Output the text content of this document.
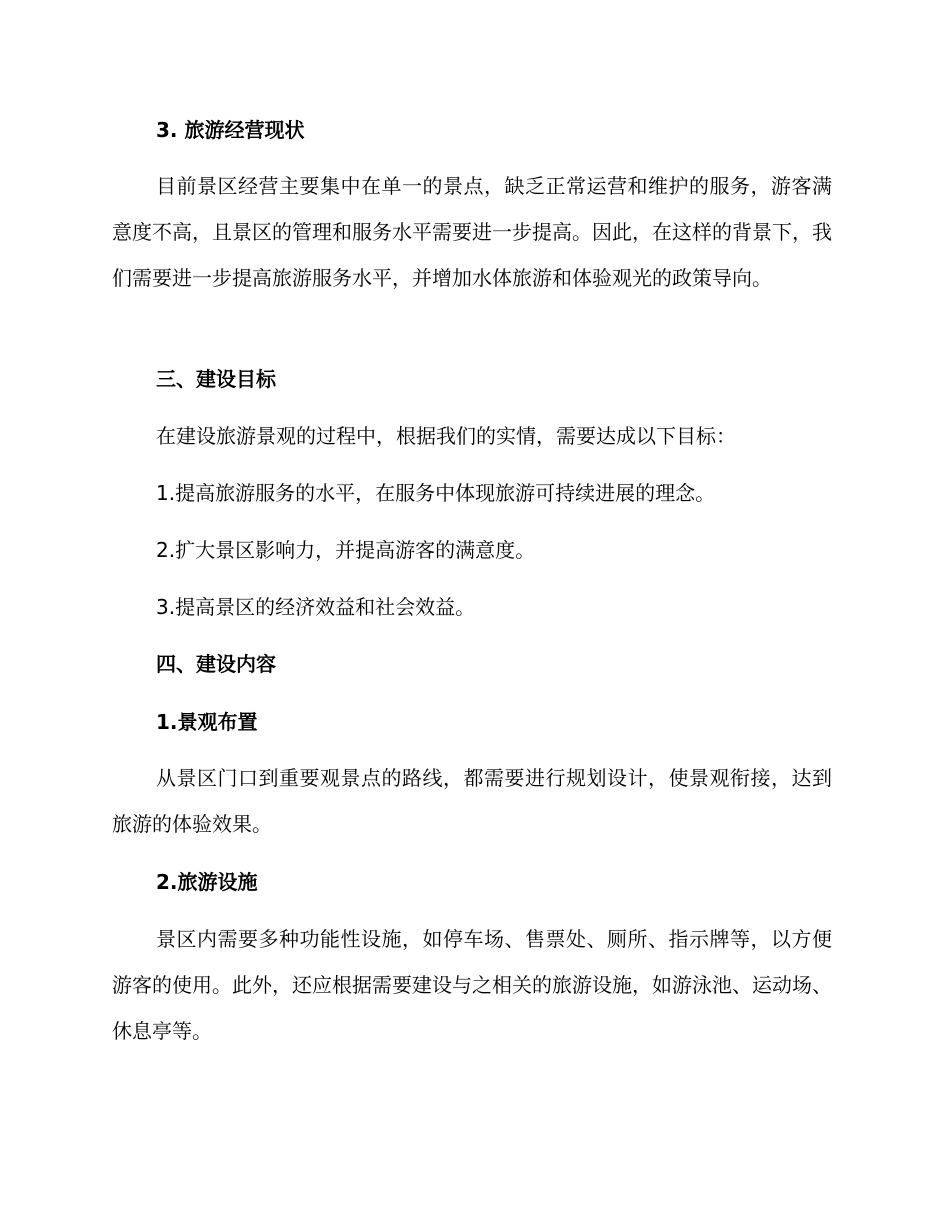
3. 旅游经营现状
目前景区经营主要集中在单一的景点，缺乏正常运营和维护的服务，游客满意度不高，且景区的管理和服务水平需要进一步提高。因此，在这样的背景下，我们需要进一步提高旅游服务水平，并增加水体旅游和体验观光的政策导向。
三、建设目标
在建设旅游景观的过程中，根据我们的实情，需要达成以下目标：
1.提高旅游服务的水平，在服务中体现旅游可持续进展的理念。
2.扩大景区影响力，并提高游客的满意度。
3.提高景区的经济效益和社会效益。
四、建设内容
1.景观布置
从景区门口到重要观景点的路线，都需要进行规划设计，使景观衔接，达到旅游的体验效果。
2.旅游设施
景区内需要多种功能性设施，如停车场、售票处、厕所、指示牌等，以方便游客的使用。此外，还应根据需要建设与之相关的旅游设施，如游泳池、运动场、休息亭等。
